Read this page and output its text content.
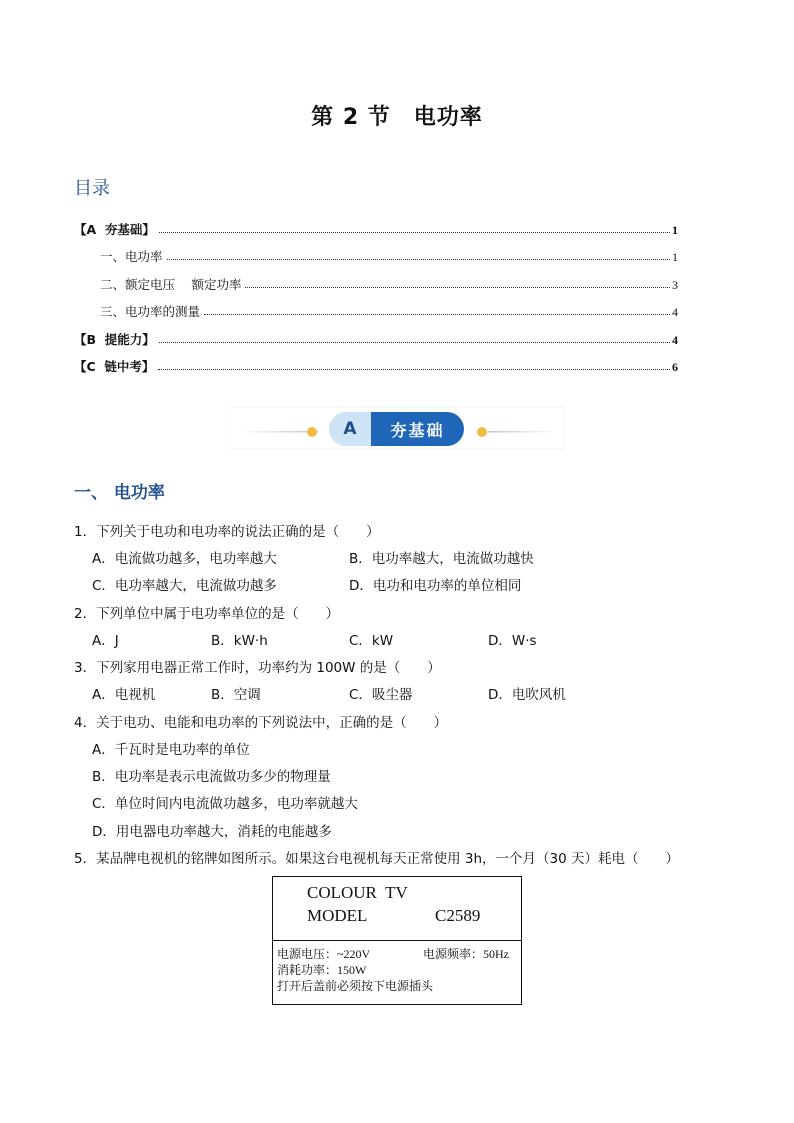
第 2 节　电功率
目录
【A  夯基础】	1
一、电功率	1
二、额定电压　 额定功率	3
三、电功率的测量	4
【B  提能力】	4
【C  链中考】	6
A	夯基础
一、 电功率
1．下列关于电功和电功率的说法正确的是（　　）
A．电流做功越多，电功率越大	B．电功率越大，电流做功越快
C．电功率越大，电流做功越多	D．电功和电功率的单位相同
2．下列单位中属于电功率单位的是（　　）
A．J	B．kW·h	C．kW	D．W·s
3．下列家用电器正常工作时，功率约为 100W 的是（　　）
A．电视机	B．空调	C．吸尘器	D．电吹风机
4．关于电功、电能和电功率的下列说法中，正确的是（　　）
A．千瓦时是电功率的单位
B．电功率是表示电流做功多少的物理量
C．单位时间内电流做功越多，电功率就越大
D．用电器电功率越大，消耗的电能越多
5．某品牌电视机的铭牌如图所示。如果这台电视机每天正常使用 3h，一个月（30 天）耗电（　　）
COLOUR  TV
MODEL	C2589
电源电压：~220V	电源频率：50Hz
消耗功率：150W
打开后盖前必须按下电源插头
